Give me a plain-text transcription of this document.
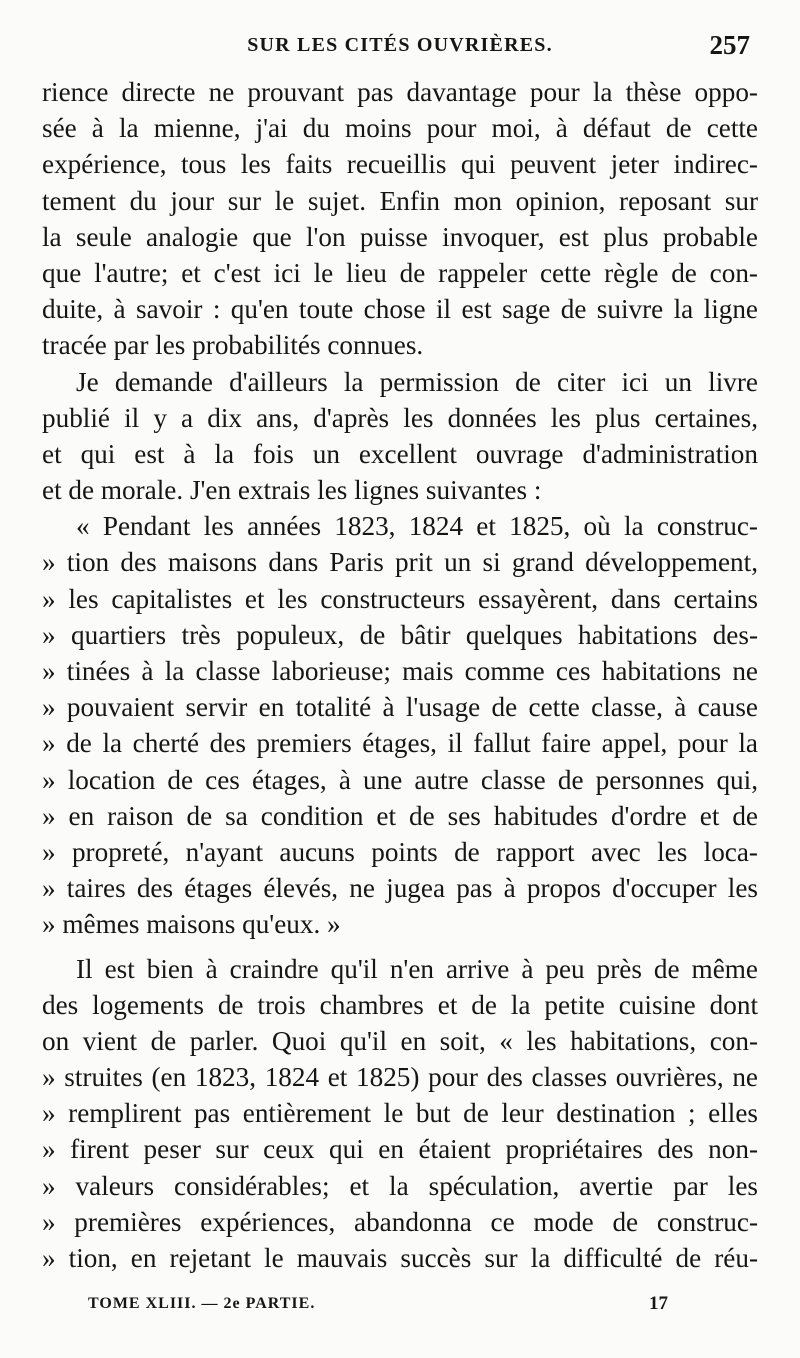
SUR LES CITÉS OUVRIÈRES.	257
rience directe ne prouvant pas davantage pour la thèse oppo-
sée à la mienne, j'ai du moins pour moi, à défaut de cette
expérience, tous les faits recueillis qui peuvent jeter indirec-
tement du jour sur le sujet. Enfin mon opinion, reposant sur
la seule analogie que l'on puisse invoquer, est plus probable
que l'autre; et c'est ici le lieu de rappeler cette règle de con-
duite, à savoir : qu'en toute chose il est sage de suivre la ligne
tracée par les probabilités connues.
Je demande d'ailleurs la permission de citer ici un livre
publié il y a dix ans, d'après les données les plus certaines,
et qui est à la fois un excellent ouvrage d'administration
et de morale. J'en extrais les lignes suivantes :
« Pendant les années 1823, 1824 et 1825, où la construc-
» tion des maisons dans Paris prit un si grand développement,
» les capitalistes et les constructeurs essayèrent, dans certains
» quartiers très populeux, de bâtir quelques habitations des-
» tinées à la classe laborieuse; mais comme ces habitations ne
» pouvaient servir en totalité à l'usage de cette classe, à cause
» de la cherté des premiers étages, il fallut faire appel, pour la
» location de ces étages, à une autre classe de personnes qui,
» en raison de sa condition et de ses habitudes d'ordre et de
» propreté, n'ayant aucuns points de rapport avec les loca-
» taires des étages élevés, ne jugea pas à propos d'occuper les
» mêmes maisons qu'eux. »
Il est bien à craindre qu'il n'en arrive à peu près de même
des logements de trois chambres et de la petite cuisine dont
on vient de parler. Quoi qu'il en soit, « les habitations, con-
» struites (en 1823, 1824 et 1825) pour des classes ouvrières, ne
» remplirent pas entièrement le but de leur destination ; elles
» firent peser sur ceux qui en étaient propriétaires des non-
» valeurs considérables; et la spéculation, avertie par les
» premières expériences, abandonna ce mode de construc-
» tion, en rejetant le mauvais succès sur la difficulté de réu-
TOME XLIII. — 2e PARTIE.	17
